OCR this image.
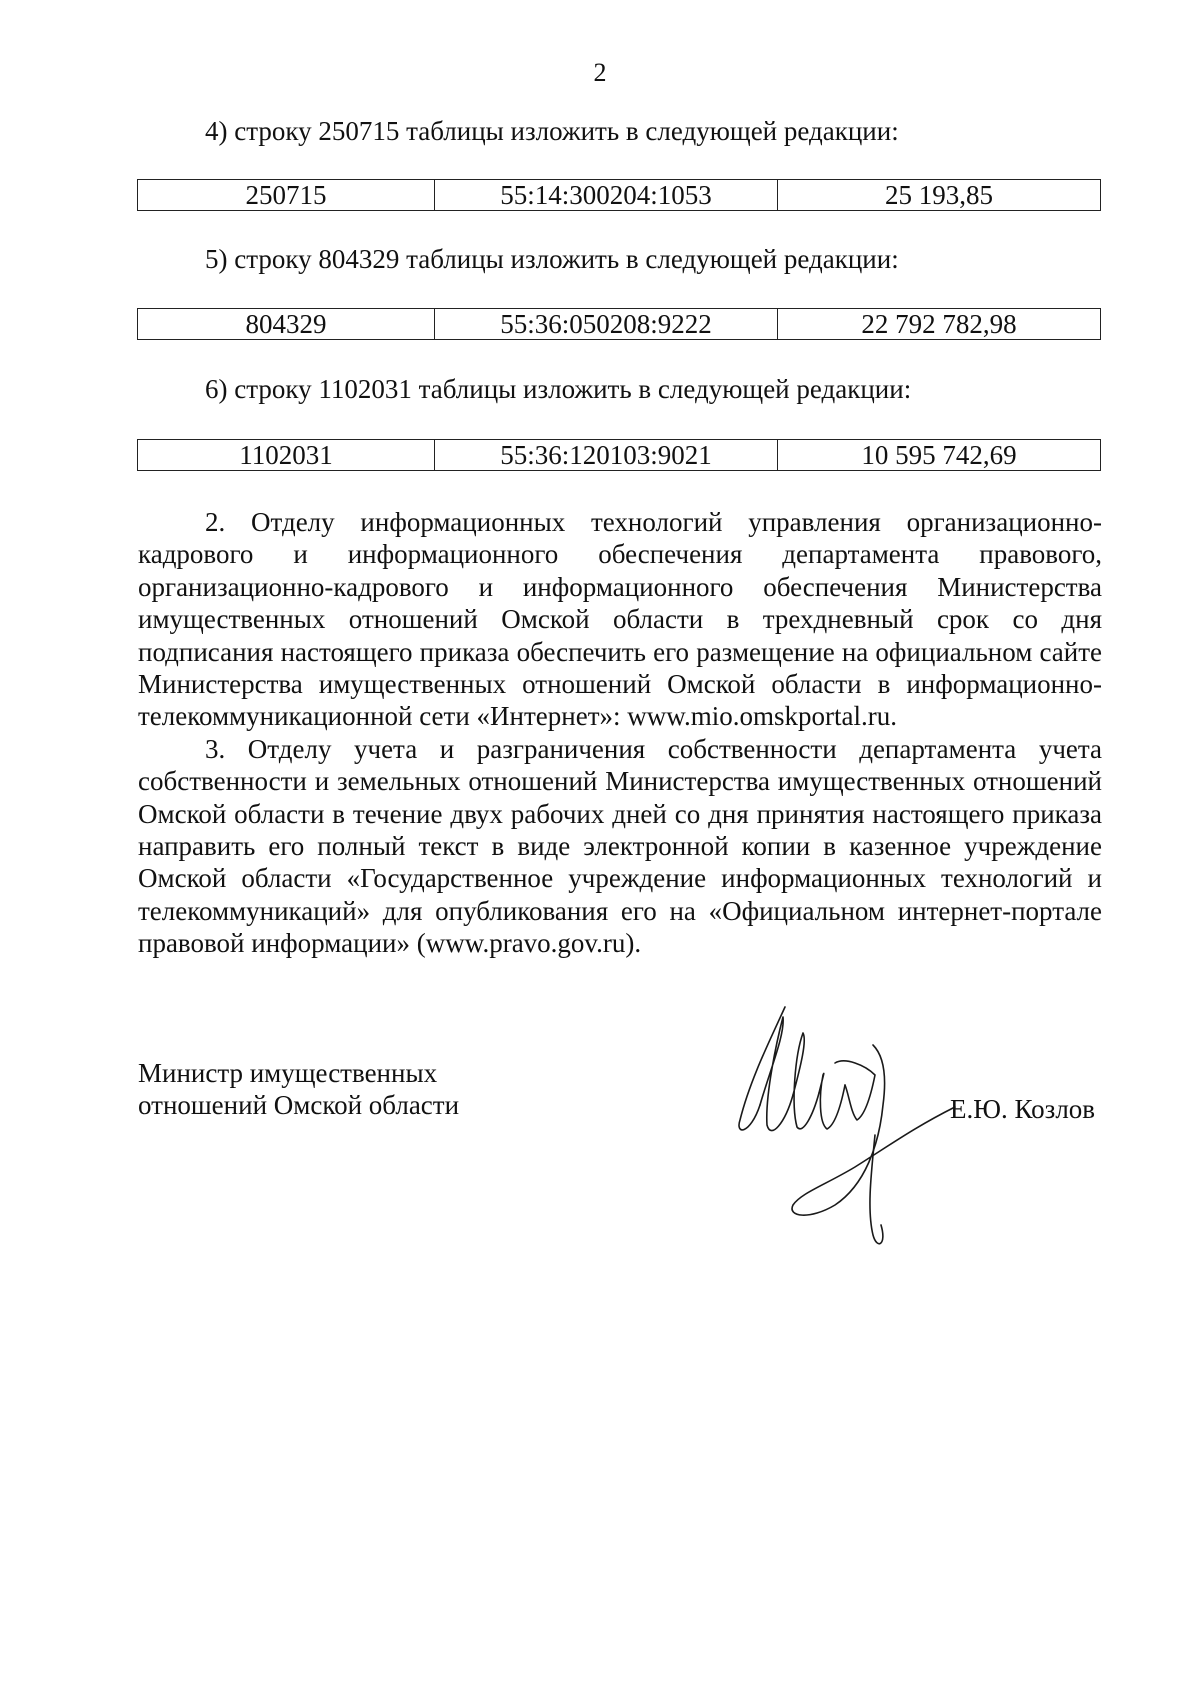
2
4) строку 250715 таблицы изложить в следующей редакции:
250715	55:14:300204:1053	25 193,85
5) строку 804329 таблицы изложить в следующей редакции:
804329	55:36:050208:9222	22 792 782,98
6) строку 1102031 таблицы изложить в следующей редакции:
1102031	55:36:120103:9021	10 595 742,69

2. Отделу информационных технологий управления организационно-кадрового и информационного обеспечения департамента правового, организационно-кадрового и информационного обеспечения Министерства имущественных отношений Омской области в трехдневный срок со дня подписания настоящего приказа обеспечить его размещение на официальном сайте Министерства имущественных отношений Омской области в информационно-телекоммуникационной сети «Интернет»: www.mio.omskportal.ru.

3. Отделу учета и разграничения собственности департамента учета собственности и земельных отношений Министерства имущественных отношений Омской области в течение двух рабочих дней со дня принятия настоящего приказа направить его полный текст в виде электронной копии в казенное учреждение Омской области «Государственное учреждение информационных технологий и телекоммуникаций» для опубликования его на «Официальном интернет-портале правовой информации» (www.pravo.gov.ru).

Министр имущественных
отношений Омской области	Е.Ю. Козлов
